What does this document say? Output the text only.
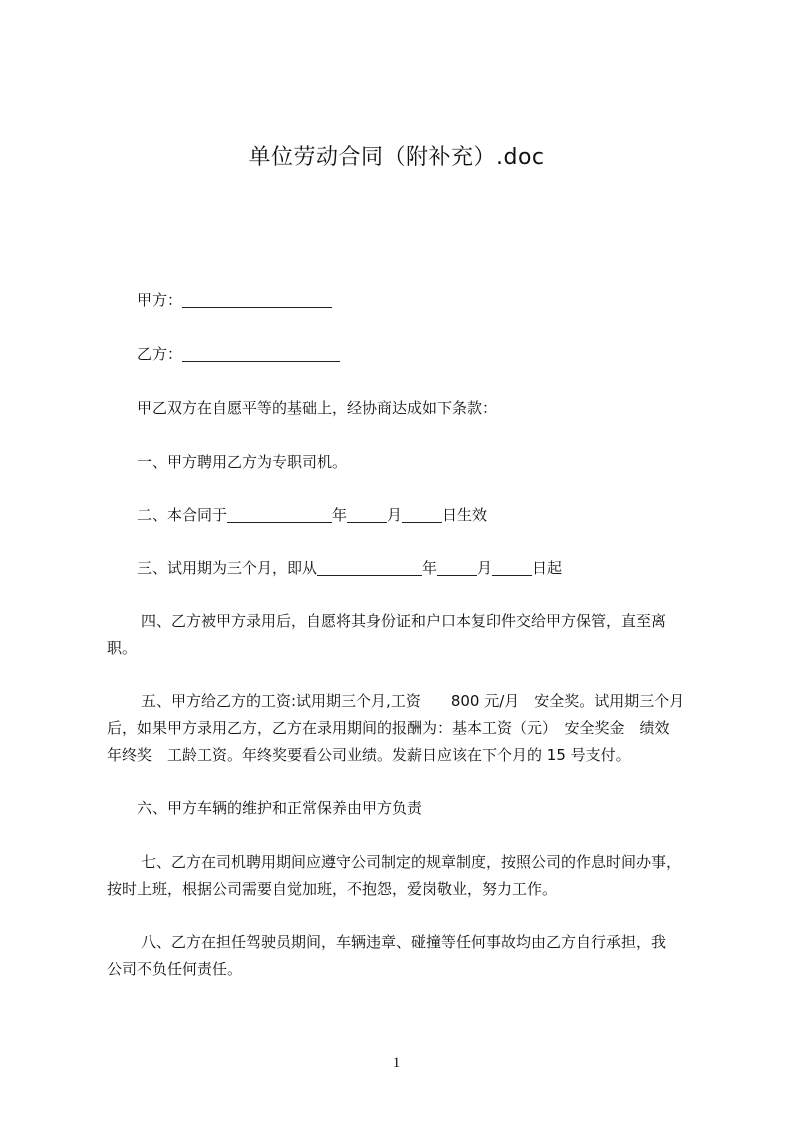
单位劳动合同（附补充）.doc
甲方：
乙方：
甲乙双方在自愿平等的基础上，经协商达成如下条款：
一、甲方聘用乙方为专职司机。
二、本合同于	年	月	日生效
三、试用期为三个月，即从	年	月	日起
四、乙方被甲方录用后，自愿将其身份证和户口本复印件交给甲方保管，直至离
职。
五、甲方给乙方的工资:试用期三个月,工资　　800 元/月　安全奖。试用期三个月
后，如果甲方录用乙方，乙方在录用期间的报酬为：基本工资（元）　安全奖金　绩效
年终奖　工龄工资。年终奖要看公司业绩。发薪日应该在下个月的 15 号支付。
六、甲方车辆的维护和正常保养由甲方负责
七、乙方在司机聘用期间应遵守公司制定的规章制度，按照公司的作息时间办事，
按时上班，根据公司需要自觉加班，不抱怨，爱岗敬业，努力工作。
八、乙方在担任驾驶员期间，车辆违章、碰撞等任何事故均由乙方自行承担，我
公司不负任何责任。
1
